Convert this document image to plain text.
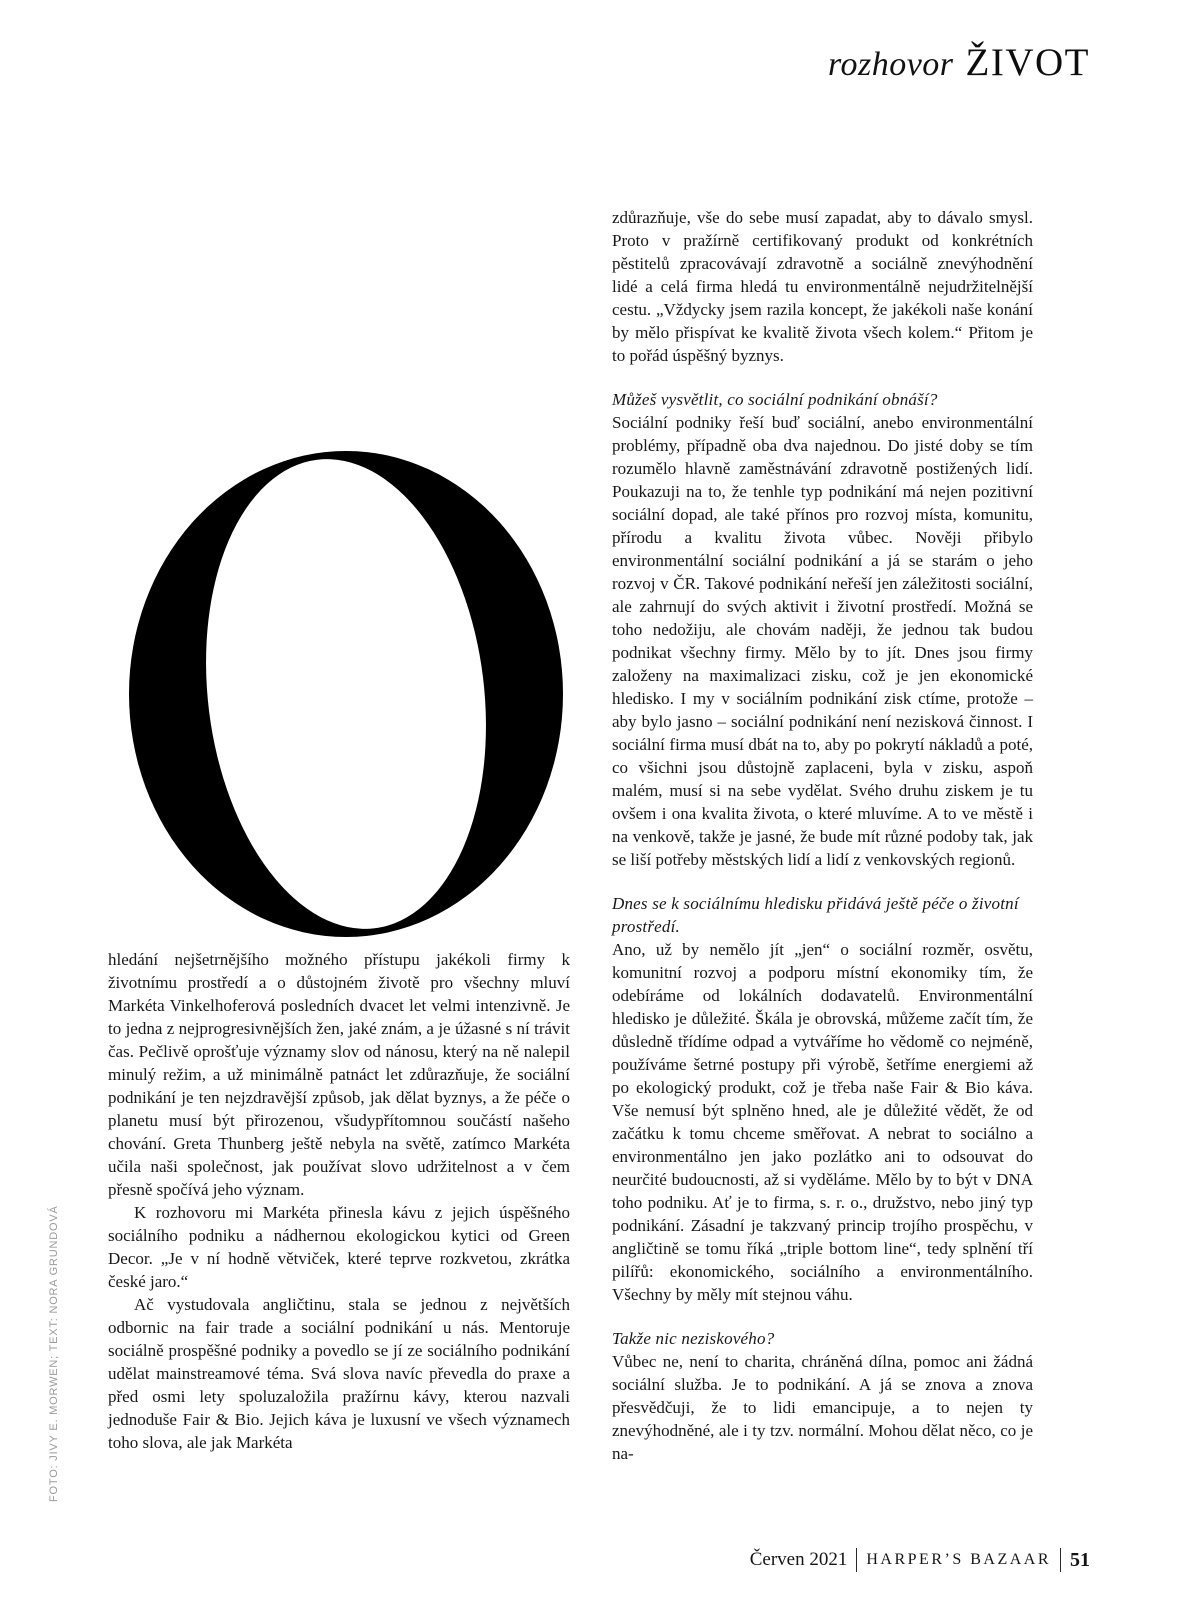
rozhovor ŽIVOT

hledání nejšetrnějšího možného přístupu jakékoli firmy k životnímu prostředí a o důstojném životě pro všechny mluví Markéta Vinkelhoferová posledních dvacet let velmi intenzivně. Je to jedna z nejprogresivnějších žen, jaké znám, a je úžasné s ní trávit čas. Pečlivě oprošťuje významy slov od nánosu, který na ně nalepil minulý režim, a už minimálně patnáct let zdůrazňuje, že sociální podnikání je ten nejzdravější způsob, jak dělat byznys, a že péče o planetu musí být přirozenou, všudypřítomnou součástí našeho chování. Greta Thunberg ještě nebyla na světě, zatímco Markéta učila naši společnost, jak používat slovo udržitelnost a v čem přesně spočívá jeho význam.

K rozhovoru mi Markéta přinesla kávu z jejich úspěšného sociálního podniku a nádhernou ekologickou kytici od Green Decor. „Je v ní hodně větviček, které teprve rozkvetou, zkrátka české jaro.“

Ač vystudovala angličtinu, stala se jednou z největších odbornic na fair trade a sociální podnikání u nás. Mentoruje sociálně prospěšné podniky a povedlo se jí ze sociálního podnikání udělat mainstreamové téma. Svá slova navíc převedla do praxe a před osmi lety spoluzaložila pražírnu kávy, kterou nazvali jednoduše Fair & Bio. Jejich káva je luxusní ve všech významech toho slova, ale jak Markéta

zdůrazňuje, vše do sebe musí zapadat, aby to dávalo smysl. Proto v pražírně certifikovaný produkt od konkrétních pěstitelů zpracovávají zdravotně a sociálně znevýhodnění lidé a celá firma hledá tu environmentálně nejudržitelnější cestu. „Vždycky jsem razila koncept, že jakékoli naše konání by mělo přispívat ke kvalitě života všech kolem.“ Přitom je to pořád úspěšný byznys.

Můžeš vysvětlit, co sociální podnikání obnáší?

Sociální podniky řeší buď sociální, anebo environmentální problémy, případně oba dva najednou. Do jisté doby se tím rozumělo hlavně zaměstnávání zdravotně postižených lidí. Poukazuji na to, že tenhle typ podnikání má nejen pozitivní sociální dopad, ale také přínos pro rozvoj místa, komunitu, přírodu a kvalitu života vůbec. Nověji přibylo environmentální sociální podnikání a já se starám o jeho rozvoj v ČR. Takové podnikání neřeší jen záležitosti sociální, ale zahrnují do svých aktivit i životní prostředí. Možná se toho nedožiju, ale chovám naději, že jednou tak budou podnikat všechny firmy. Mělo by to jít. Dnes jsou firmy založeny na maximalizaci zisku, což je jen ekonomické hledisko. I my v sociálním podnikání zisk ctíme, protože – aby bylo jasno – sociální podnikání není nezisková činnost. I sociální firma musí dbát na to, aby po pokrytí nákladů a poté, co všichni jsou důstojně zaplaceni, byla v zisku, aspoň malém, musí si na sebe vydělat. Svého druhu ziskem je tu ovšem i ona kvalita života, o které mluvíme. A to ve městě i na venkově, takže je jasné, že bude mít různé podoby tak, jak se liší potřeby městských lidí a lidí z venkovských regionů.

Dnes se k sociálnímu hledisku přidává ještě péče o životní prostředí.

Ano, už by nemělo jít „jen“ o sociální rozměr, osvětu, komunitní rozvoj a podporu místní ekonomiky tím, že odebíráme od lokálních dodavatelů. Environmentální hledisko je důležité. Škála je obrovská, můžeme začít tím, že důsledně třídíme odpad a vytváříme ho vědomě co nejméně, používáme šetrné postupy při výrobě, šetříme energiemi až po ekologický produkt, což je třeba naše Fair & Bio káva. Vše nemusí být splněno hned, ale je důležité vědět, že od začátku k tomu chceme směřovat. A nebrat to sociálno a environmentálno jen jako pozlátko ani to odsouvat do neurčité budoucnosti, až si vyděláme. Mělo by to být v DNA toho podniku. Ať je to firma, s. r. o., družstvo, nebo jiný typ podnikání. Zásadní je takzvaný princip trojího prospěchu, v angličtině se tomu říká „triple bottom line“, tedy splnění tří pilířů: ekonomického, sociálního a environmentálního. Všechny by měly mít stejnou váhu.

Takže nic neziskového?

Vůbec ne, není to charita, chráněná dílna, pomoc ani žádná sociální služba. Je to podnikání. A já se znova a znova přesvědčuji, že to lidi emancipuje, a to nejen ty znevýhodněné, ale i ty tzv. normální. Mohou dělat něco, co je na-

FOTO: JIVY E. MORWEN; TEXT: NORA GRUNDOVÁ
Červen 2021 HARPER’S BAZAAR 51
